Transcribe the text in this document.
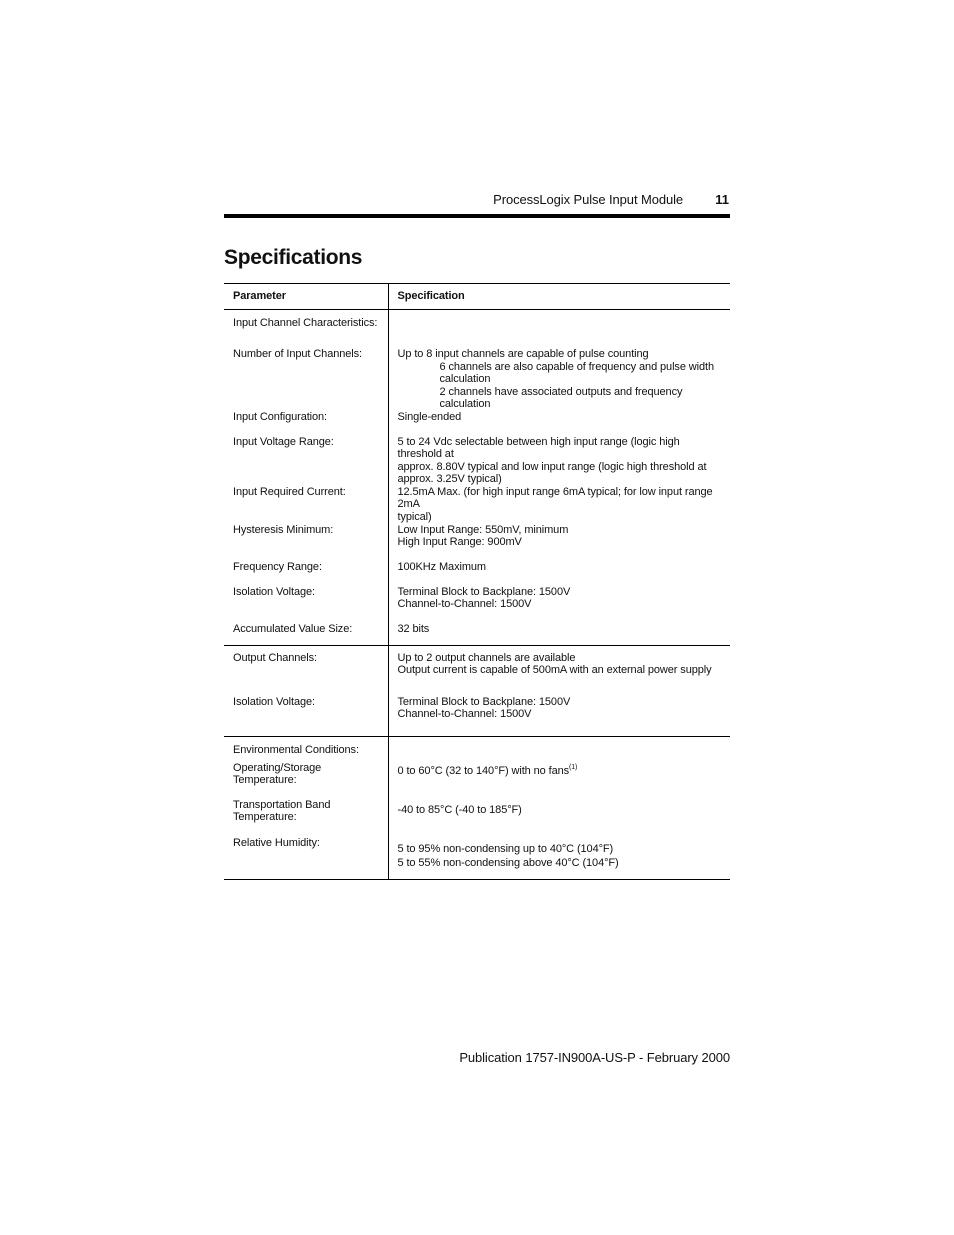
ProcessLogix Pulse Input Module 11
Specifications
Parameter	Specification

Input Channel Characteristics:	

Number of Input Channels:	Up to 8 input channels are capable of pulse counting
6 channels are also capable of frequency and pulse width
calculation
2 channels have associated outputs and frequency calculation

Input Configuration:	Single-ended

Input Voltage Range:	5 to 24 Vdc selectable between high input range (logic high threshold at
approx. 8.80V typical and low input range (logic high threshold at
approx. 3.25V typical)

Input Required Current:	12.5mA Max. (for high input range 6mA typical; for low input range 2mA
typical)

Hysteresis Minimum:	Low Input Range: 550mV, minimum
High Input Range: 900mV

Frequency Range:	100KHz Maximum

Isolation Voltage:	Terminal Block to Backplane: 1500V
Channel-to-Channel: 1500V

Accumulated Value Size:	32 bits

Output Channels:	Up to 2 output channels are available
Output current is capable of 500mA with an external power supply

Isolation Voltage:	Terminal Block to Backplane: 1500V
Channel-to-Channel: 1500V

Environmental Conditions:	

Operating/Storage
Temperature:	0 to 60°C (32 to 140°F) with no fans$^{(1)}$

Transportation Band
Temperature:	-40 to 85°C (-40 to 185°F)

Relative Humidity:	5 to 95% non-condensing up to 40°C (104°F)
5 to 55% non-condensing above 40°C (104°F)
Publication 1757-IN900A-US-P - February 2000
